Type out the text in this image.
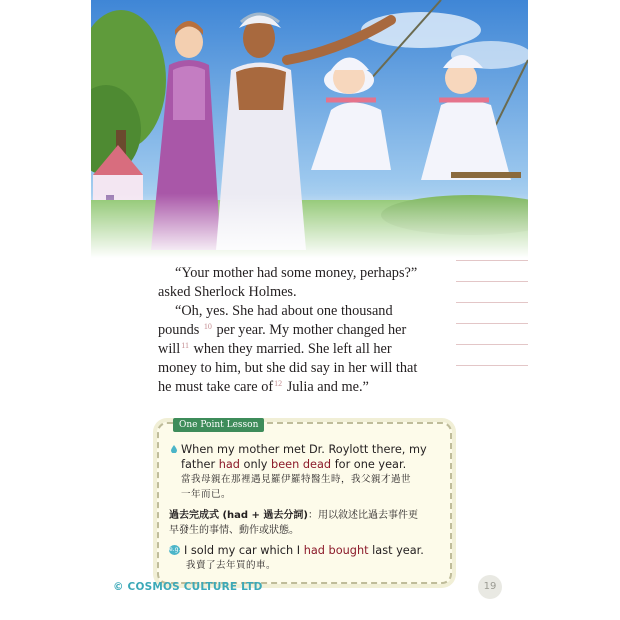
“Your mother had some money, perhaps?”
asked Sherlock Holmes.

“Oh, yes. She had about one thousand
pounds $^{10}$ per year. My mother changed her
will$^{11}$ when they married. She left all her
money to him, but she did say in her will that
he must take care $of^{12}$ Julia and me.”

One Point Lesson
When my mother met Dr. Roylott there, my father had only been dead for one year.
當我母親在那裡遇見羅伊羅特醫生時，我父親才過世
一年而已。
過去完成式 (had + 過去分詞)：用以敘述比過去事件更
早發生的事情、動作或狀態。
e.g. I sold my car which I had bought last year.
我賣了去年買的車。
© COSMOS CULTURE LTD	19
